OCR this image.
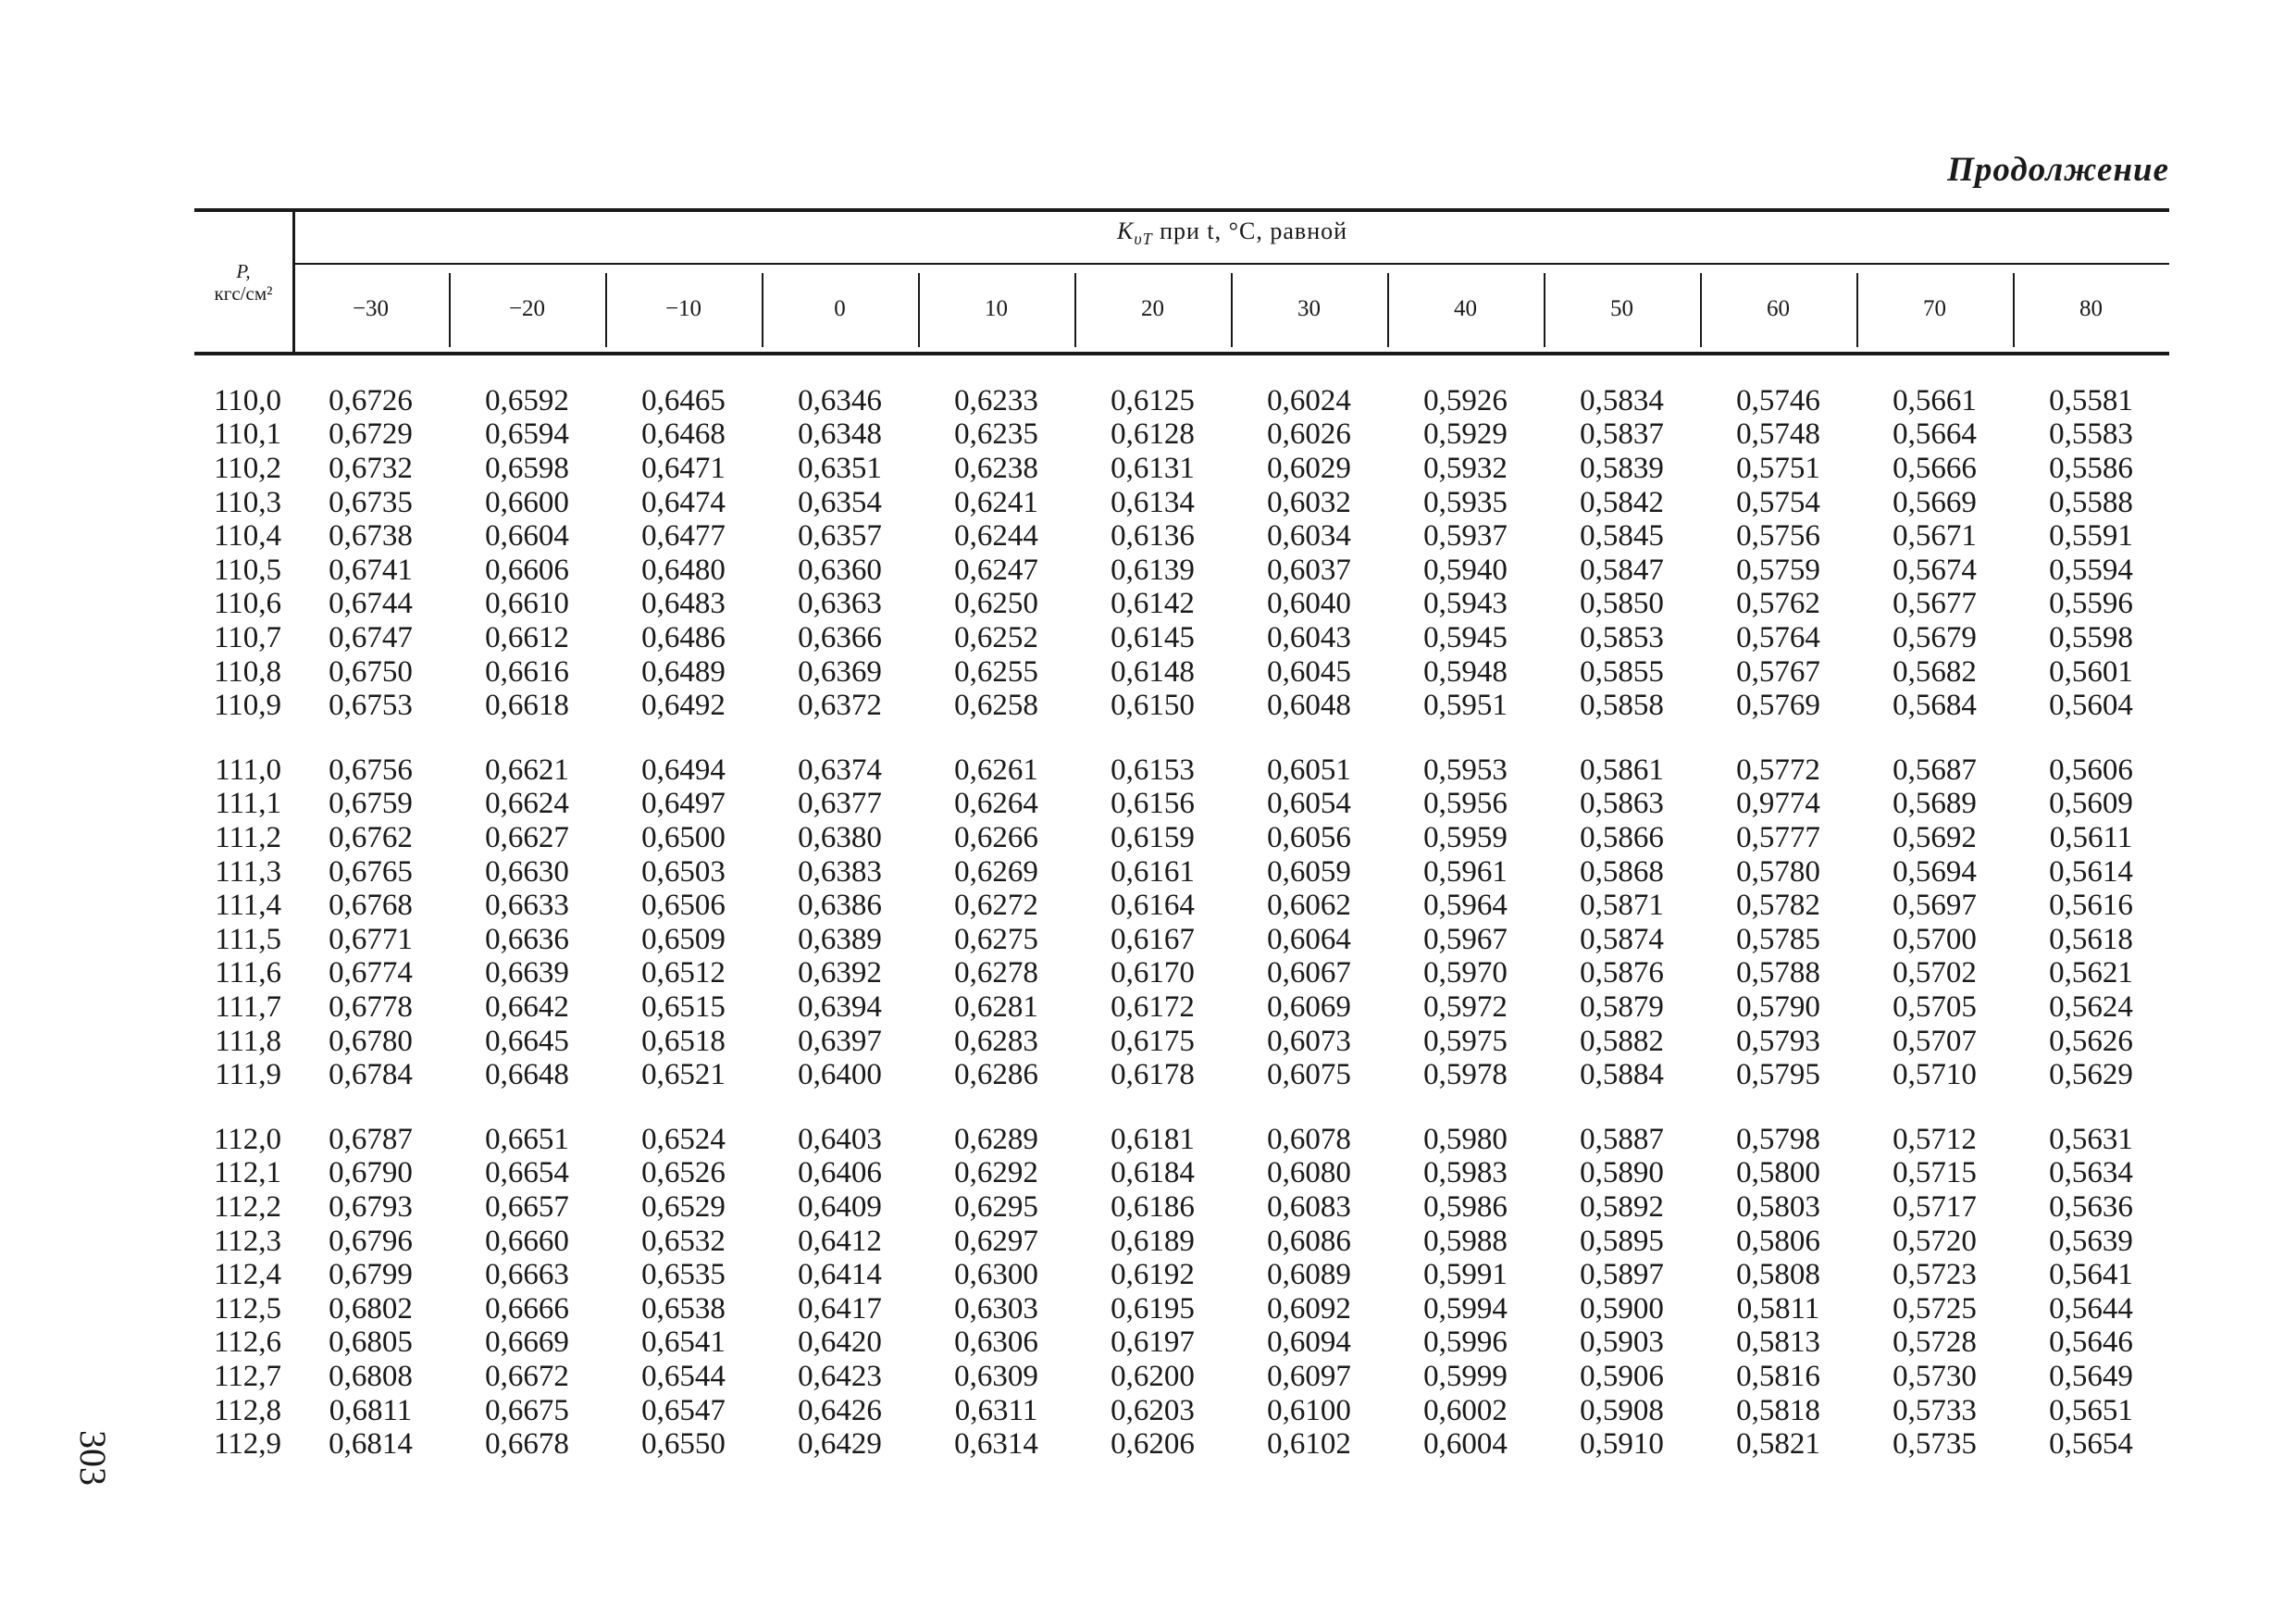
Продолжение
303
P,
кгс/см²
$K_{\upsilon T}$ при t, °С, равной
−30	−20	−10	0	10	20	30	40	50	60	70	80
110,0	0,6726	0,6592	0,6465	0,6346	0,6233	0,6125	0,6024	0,5926	0,5834	0,5746	0,5661	0,5581
110,1	0,6729	0,6594	0,6468	0,6348	0,6235	0,6128	0,6026	0,5929	0,5837	0,5748	0,5664	0,5583
110,2	0,6732	0,6598	0,6471	0,6351	0,6238	0,6131	0,6029	0,5932	0,5839	0,5751	0,5666	0,5586
110,3	0,6735	0,6600	0,6474	0,6354	0,6241	0,6134	0,6032	0,5935	0,5842	0,5754	0,5669	0,5588
110,4	0,6738	0,6604	0,6477	0,6357	0,6244	0,6136	0,6034	0,5937	0,5845	0,5756	0,5671	0,5591
110,5	0,6741	0,6606	0,6480	0,6360	0,6247	0,6139	0,6037	0,5940	0,5847	0,5759	0,5674	0,5594
110,6	0,6744	0,6610	0,6483	0,6363	0,6250	0,6142	0,6040	0,5943	0,5850	0,5762	0,5677	0,5596
110,7	0,6747	0,6612	0,6486	0,6366	0,6252	0,6145	0,6043	0,5945	0,5853	0,5764	0,5679	0,5598
110,8	0,6750	0,6616	0,6489	0,6369	0,6255	0,6148	0,6045	0,5948	0,5855	0,5767	0,5682	0,5601
110,9	0,6753	0,6618	0,6492	0,6372	0,6258	0,6150	0,6048	0,5951	0,5858	0,5769	0,5684	0,5604
111,0	0,6756	0,6621	0,6494	0,6374	0,6261	0,6153	0,6051	0,5953	0,5861	0,5772	0,5687	0,5606
111,1	0,6759	0,6624	0,6497	0,6377	0,6264	0,6156	0,6054	0,5956	0,5863	0,9774	0,5689	0,5609
111,2	0,6762	0,6627	0,6500	0,6380	0,6266	0,6159	0,6056	0,5959	0,5866	0,5777	0,5692	0,5611
111,3	0,6765	0,6630	0,6503	0,6383	0,6269	0,6161	0,6059	0,5961	0,5868	0,5780	0,5694	0,5614
111,4	0,6768	0,6633	0,6506	0,6386	0,6272	0,6164	0,6062	0,5964	0,5871	0,5782	0,5697	0,5616
111,5	0,6771	0,6636	0,6509	0,6389	0,6275	0,6167	0,6064	0,5967	0,5874	0,5785	0,5700	0,5618
111,6	0,6774	0,6639	0,6512	0,6392	0,6278	0,6170	0,6067	0,5970	0,5876	0,5788	0,5702	0,5621
111,7	0,6778	0,6642	0,6515	0,6394	0,6281	0,6172	0,6069	0,5972	0,5879	0,5790	0,5705	0,5624
111,8	0,6780	0,6645	0,6518	0,6397	0,6283	0,6175	0,6073	0,5975	0,5882	0,5793	0,5707	0,5626
111,9	0,6784	0,6648	0,6521	0,6400	0,6286	0,6178	0,6075	0,5978	0,5884	0,5795	0,5710	0,5629
112,0	0,6787	0,6651	0,6524	0,6403	0,6289	0,6181	0,6078	0,5980	0,5887	0,5798	0,5712	0,5631
112,1	0,6790	0,6654	0,6526	0,6406	0,6292	0,6184	0,6080	0,5983	0,5890	0,5800	0,5715	0,5634
112,2	0,6793	0,6657	0,6529	0,6409	0,6295	0,6186	0,6083	0,5986	0,5892	0,5803	0,5717	0,5636
112,3	0,6796	0,6660	0,6532	0,6412	0,6297	0,6189	0,6086	0,5988	0,5895	0,5806	0,5720	0,5639
112,4	0,6799	0,6663	0,6535	0,6414	0,6300	0,6192	0,6089	0,5991	0,5897	0,5808	0,5723	0,5641
112,5	0,6802	0,6666	0,6538	0,6417	0,6303	0,6195	0,6092	0,5994	0,5900	0,5811	0,5725	0,5644
112,6	0,6805	0,6669	0,6541	0,6420	0,6306	0,6197	0,6094	0,5996	0,5903	0,5813	0,5728	0,5646
112,7	0,6808	0,6672	0,6544	0,6423	0,6309	0,6200	0,6097	0,5999	0,5906	0,5816	0,5730	0,5649
112,8	0,6811	0,6675	0,6547	0,6426	0,6311	0,6203	0,6100	0,6002	0,5908	0,5818	0,5733	0,5651
112,9	0,6814	0,6678	0,6550	0,6429	0,6314	0,6206	0,6102	0,6004	0,5910	0,5821	0,5735	0,5654
